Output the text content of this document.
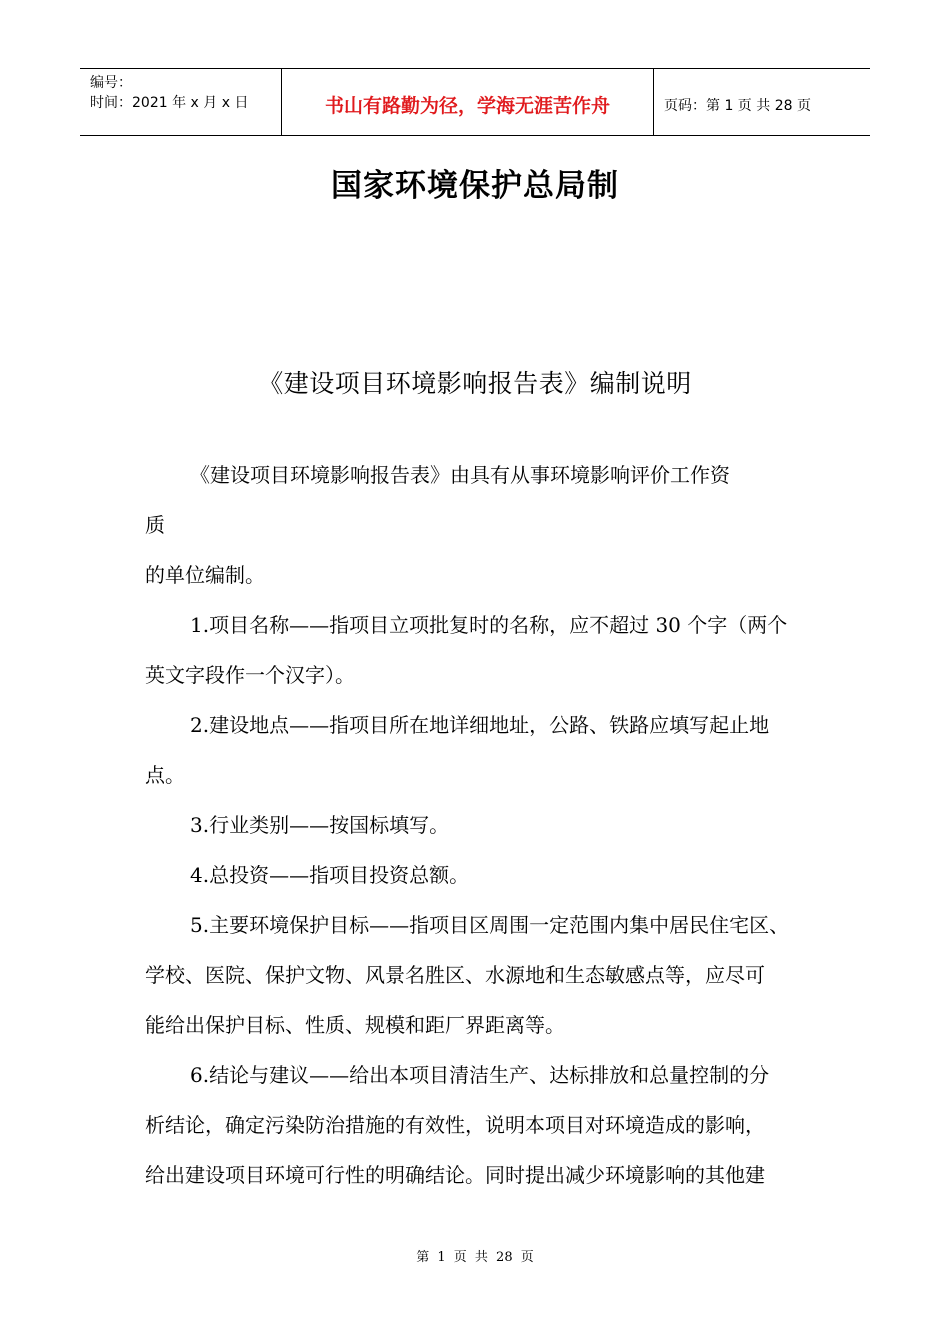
编号：
时间：2021 年 x 月 x 日	书山有路勤为径，学海无涯苦作舟	页码：第 1 页 共 28 页
国家环境保护总局制
《建设项目环境影响报告表》编制说明
《建设项目环境影响报告表》由具有从事环境影响评价工作资
质
的单位编制。
1.项目名称——指项目立项批复时的名称，应不超过 30 个字（两个
英文字段作一个汉字）。
2.建设地点——指项目所在地详细地址，公路、铁路应填写起止地
点。
3.行业类别——按国标填写。
4.总投资——指项目投资总额。
5.主要环境保护目标——指项目区周围一定范围内集中居民住宅区、
学校、医院、保护文物、风景名胜区、水源地和生态敏感点等，应尽可
能给出保护目标、性质、规模和距厂界距离等。
6.结论与建议——给出本项目清洁生产、达标排放和总量控制的分
析结论，确定污染防治措施的有效性，说明本项目对环境造成的影响，
给出建设项目环境可行性的明确结论。同时提出减少环境影响的其他建
第 1 页 共 28 页
